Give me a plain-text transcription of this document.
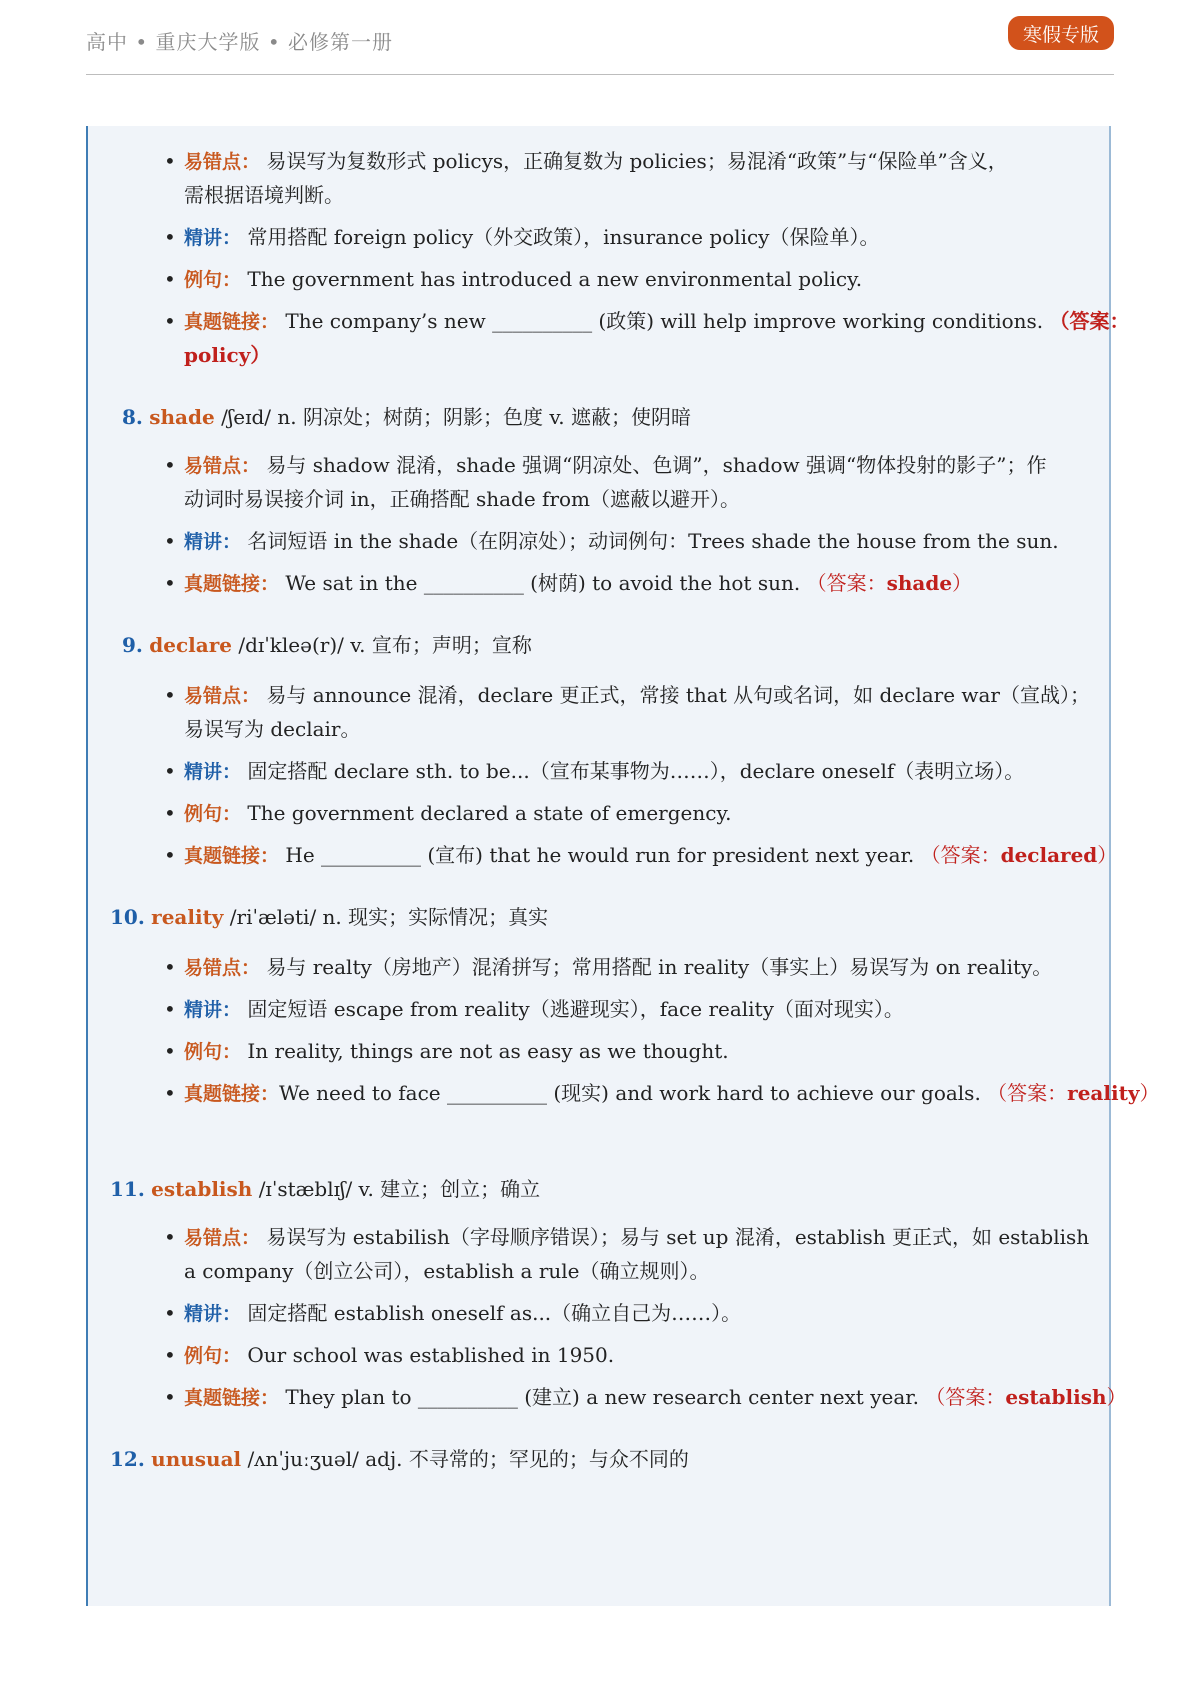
高中 • 重庆大学版 • 必修第一册	寒假专版
• 易错点： 易误写为复数形式 policys，正确复数为 policies；易混淆“政策”与“保险单”含义，
需根据语境判断。
• 精讲： 常用搭配 foreign policy（外交政策），insurance policy（保险单）。
• 例句： The government has introduced a new environmental policy.
• 真题链接： The company’s new __________ (政策) will help improve working conditions. （答案：
policy）
8. shade /ʃeɪd/ n. 阴凉处；树荫；阴影；色度 v. 遮蔽；使阴暗
• 易错点： 易与 shadow 混淆，shade 强调“阴凉处、色调”，shadow 强调“物体投射的影子”；作
动词时易误接介词 in，正确搭配 shade from（遮蔽以避开）。
• 精讲： 名词短语 in the shade（在阴凉处）；动词例句：Trees shade the house from the sun.
• 真题链接： We sat in the __________ (树荫) to avoid the hot sun. （答案：shade）
9. declare /dɪˈkleə(r)/ v. 宣布；声明；宣称
• 易错点： 易与 announce 混淆，declare 更正式，常接 that 从句或名词，如 declare war（宣战）；
易误写为 declair。
• 精讲： 固定搭配 declare sth. to be...（宣布某事物为……），declare oneself（表明立场）。
• 例句： The government declared a state of emergency.
• 真题链接： He __________ (宣布) that he would run for president next year. （答案：declared）
10. reality /riˈæləti/ n. 现实；实际情况；真实
• 易错点： 易与 realty（房地产）混淆拼写；常用搭配 in reality（事实上）易误写为 on reality。
• 精讲： 固定短语 escape from reality（逃避现实），face reality（面对现实）。
• 例句： In reality, things are not as easy as we thought.
• 真题链接：We need to face __________ (现实) and work hard to achieve our goals. （答案：reality）
11. establish /ɪˈstæblɪʃ/ v. 建立；创立；确立
• 易错点： 易误写为 estabilish（字母顺序错误）；易与 set up 混淆，establish 更正式，如 establish
a company（创立公司），establish a rule（确立规则）。
• 精讲： 固定搭配 establish oneself as...（确立自己为……）。
• 例句： Our school was established in 1950.
• 真题链接： They plan to __________ (建立) a new research center next year. （答案：establish）
12. unusual /ʌnˈjuːʒuəl/ adj. 不寻常的；罕见的；与众不同的
